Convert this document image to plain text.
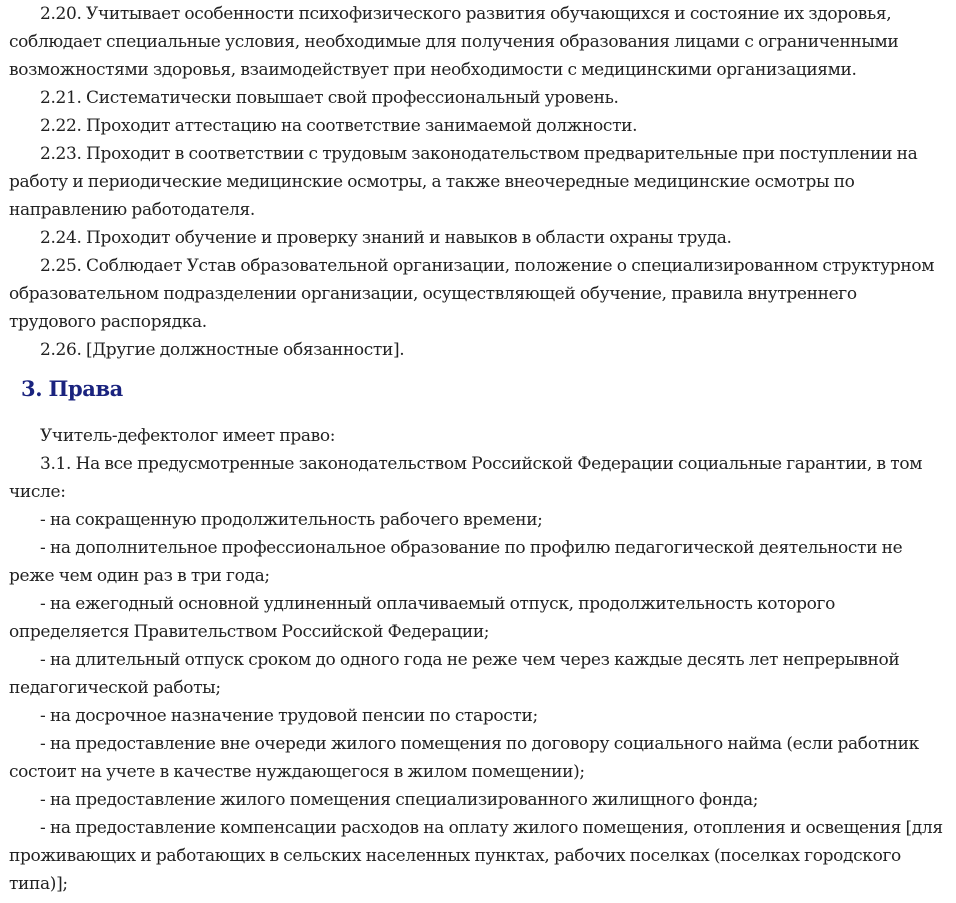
2.20. Учитывает особенности психофизического развития обучающихся и состояние их здоровья, соблюдает специальные условия, необходимые для получения образования лицами с ограниченными возможностями здоровья, взаимодействует при необходимости с медицинскими организациями.

2.21. Систематически повышает свой профессиональный уровень.

2.22. Проходит аттестацию на соответствие занимаемой должности.

2.23. Проходит в соответствии с трудовым законодательством предварительные при поступлении на работу и периодические медицинские осмотры, а также внеочередные медицинские осмотры по направлению работодателя.

2.24. Проходит обучение и проверку знаний и навыков в области охраны труда.

2.25. Соблюдает Устав образовательной организации, положение о специализированном структурном образовательном подразделении организации, осуществляющей обучение, правила внутреннего трудового распорядка.

2.26. [Другие должностные обязанности].

3. Права

Учитель-дефектолог имеет право:

3.1. На все предусмотренные законодательством Российской Федерации социальные гарантии, в том числе:

- на сокращенную продолжительность рабочего времени;

- на дополнительное профессиональное образование по профилю педагогической деятельности не реже чем один раз в три года;

- на ежегодный основной удлиненный оплачиваемый отпуск, продолжительность которого определяется Правительством Российской Федерации;

- на длительный отпуск сроком до одного года не реже чем через каждые десять лет непрерывной педагогической работы;

- на досрочное назначение трудовой пенсии по старости;

- на предоставление вне очереди жилого помещения по договору социального найма (если работник состоит на учете в качестве нуждающегося в жилом помещении);

- на предоставление жилого помещения специализированного жилищного фонда;

- на предоставление компенсации расходов на оплату жилого помещения, отопления и освещения [для проживающих и работающих в сельских населенных пунктах, рабочих поселках (поселках городского типа)];
